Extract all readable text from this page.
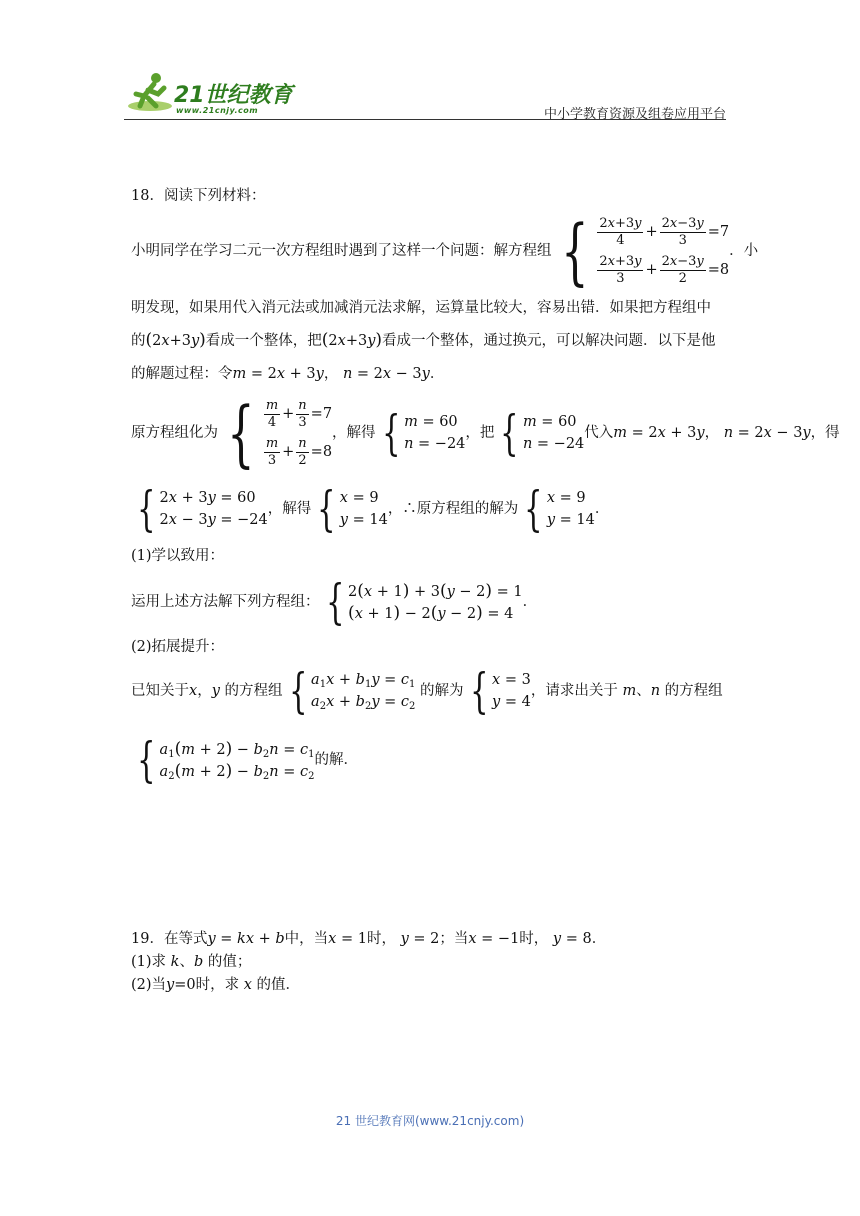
21世纪教育
www.21cnjy.com	中小学教育资源及组卷应用平台
18．阅读下列材料：
小明同学在学习二元一次方程组时遇到了这样一个问题：解方程组 { $\frac{2x+3y}{4} + \frac{2x-3y}{3} =7$
$\frac{2x+3y}{3} + \frac{2x-3y}{2} =8$
．小
明发现，如果用代入消元法或加减消元法求解，运算量比较大，容易出错．如果把方程组中
的(2x+3y)看成一个整体，把(2x+3y)看成一个整体，通过换元，可以解决问题．以下是他
的解题过程：令m = 2x + 3y， n = 2x − 3y．
原方程组化为 { $\frac{m}{4} + \frac{n}{3} =7$
$\frac{m}{3} + \frac{n}{2} =8$
，解得 { m = 60
n = −24
，把 { m = 60
n = −24
代入m = 2x + 3y， n = 2x − 3y，得
{ 2x + 3y = 60
2x − 3y = −24
，解得 { x = 9
y = 14
，∴原方程组的解为 { x = 9
y = 14
．
(1)学以致用：
运用上述方法解下列方程组： { 2(x + 1) + 3(y − 2) = 1
(x + 1) − 2(y − 2) = 4
．
(2)拓展提升：
已知关于x，y 的方程组 { $a_1x + b_1y = c_1$
$a_2x + b_2y = c_2$
的解为 { x = 3
y = 4
，请求出关于 m、n 的方程组
{ $a_1(m + 2) - b_2n = c_1$
$a_2(m + 2) - b_2n = c_2$
的解．
19．在等式y = kx + b中，当x = 1时， y = 2；当x = −1时， y = 8．
(1)求 k、b 的值；
(2)当y=0时，求 x 的值．
21 世纪教育网(www.21cnjy.com)
